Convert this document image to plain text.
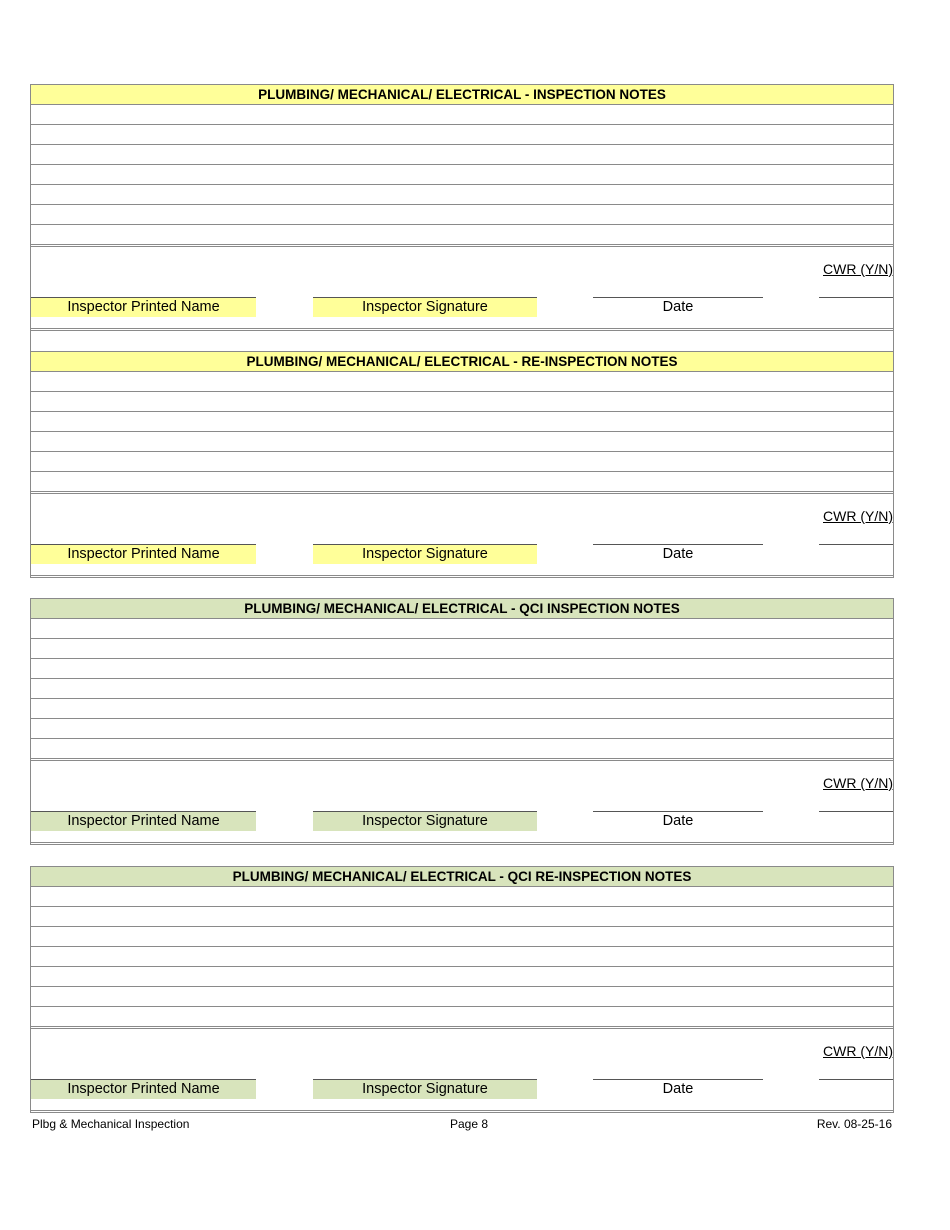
PLUMBING/ MECHANICAL/ ELECTRICAL - INSPECTION NOTES
CWR (Y/N)
Inspector Printed Name	Inspector Signature	Date
PLUMBING/ MECHANICAL/ ELECTRICAL - RE-INSPECTION NOTES
CWR (Y/N)
Inspector Printed Name	Inspector Signature	Date
PLUMBING/ MECHANICAL/ ELECTRICAL - QCI INSPECTION NOTES
CWR (Y/N)
Inspector Printed Name	Inspector Signature	Date
PLUMBING/ MECHANICAL/ ELECTRICAL - QCI RE-INSPECTION NOTES
CWR (Y/N)
Inspector Printed Name	Inspector Signature	Date
Plbg & Mechanical Inspection	Page 8	Rev. 08-25-16
